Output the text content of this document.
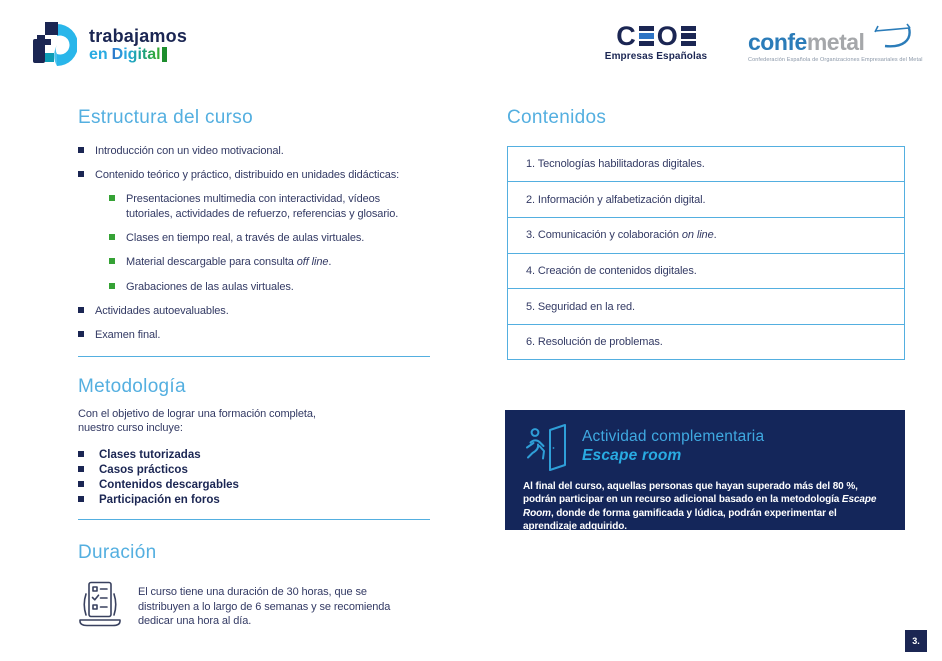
trabajamos
en Digital
C O
Empresas Españolas
confemetal
Confederación Española de Organizaciones Empresariales del Metal
Estructura del curso
Introducción con un video motivacional.
Contenido teórico y práctico, distribuido en unidades didácticas:
Presentaciones multimedia con interactividad, vídeos tutoriales, actividades de refuerzo, referencias y glosario.
Clases en tiempo real, a través de aulas virtuales.
Material descargable para consulta off line.
Grabaciones de las aulas virtuales.
Actividades autoevaluables.
Examen final.
Metodología
Con el objetivo de lograr una formación completa,
nuestro curso incluye:
Clases tutorizadas
Casos prácticos
Contenidos descargables
Participación en foros
Duración
El curso tiene una duración de 30 horas, que se distribuyen a lo largo de 6 semanas y se recomienda dedicar una hora al día.
Contenidos
1. Tecnologías habilitadoras digitales.
2. Información y alfabetización digital.
3. Comunicación y colaboración on line.
4. Creación de contenidos digitales.
5. Seguridad en la red.
6. Resolución de problemas.
Actividad complementaria
Escape room
Al final del curso, aquellas personas que hayan superado más del 80 %, podrán participar en un recurso adicional basado en la metodología Escape Room, donde de forma gamificada y lúdica, podrán experimentar el aprendizaje adquirido.
3.
